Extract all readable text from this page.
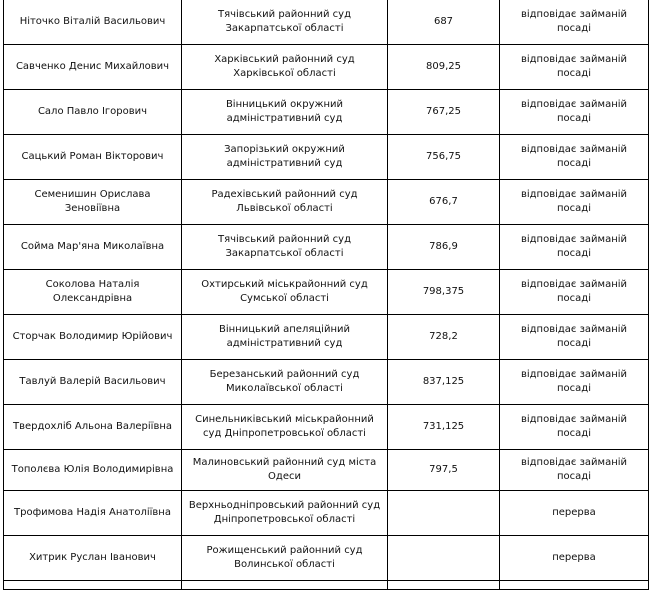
Ніточко Віталій Васильович	Тячівський районний суд Закарпатської області	687	відповідає займаній посаді
Савченко Денис Михайлович	Харківський районний суд Харківської області	809,25	відповідає займаній посаді
Сало Павло Ігорович	Вінницький окружний адміністративний суд	767,25	відповідає займаній посаді
Сацький Роман Вікторович	Запорізький окружний адміністративний суд	756,75	відповідає займаній посаді
Семенишин Орислава Зеновіївна	Радехівський районний суд Львівської області	676,7	відповідає займаній посаді
Сойма Мар'яна Миколаївна	Тячівський районний суд Закарпатської області	786,9	відповідає займаній посаді
Соколова Наталія Олександрівна	Охтирський міськрайонний суд Сумської області	798,375	відповідає займаній посаді
Сторчак Володимир Юрійович	Вінницький апеляційний адміністративний суд	728,2	відповідає займаній посаді
Тавлуй Валерій Васильович	Березанський районний суд Миколаївської області	837,125	відповідає займаній посаді
Твердохліб Альона Валеріївна	Синельниківський міськрайонний суд Дніпропетровської області	731,125	відповідає займаній посаді
Тополєва Юлія Володимирівна	Малиновський районний суд міста Одеси	797,5	відповідає займаній посаді
Трофимова Надія Анатоліївна	Верхньодніпровський районний суд Дніпропетровської області		перерва
Хитрик Руслан Іванович	Рожищенський районний суд Волинської області		перерва
